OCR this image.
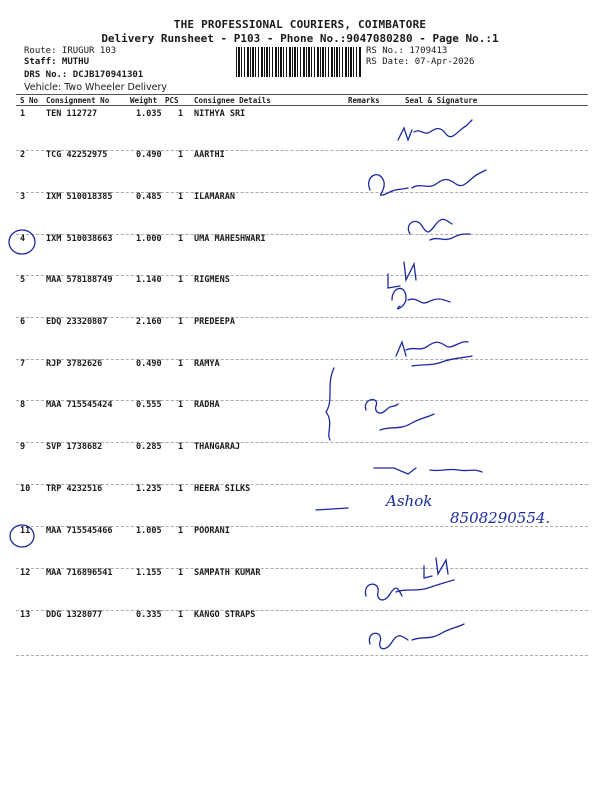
THE PROFESSIONAL COURIERS, COIMBATORE
Delivery Runsheet - P103 - Phone No.:9047080280 - Page No.:1
Route: IRUGUR 103
Staff: MUTHU
DRS No.: DCJB170941301
RS No.: 1709413
RS Date: 07-Apr-2026
Vehicle: Two Wheeler Delivery
S No Consignment No	Weight PCS Consignee Details	Remarks	Seal & Signature
1 TEN 112727	1.035 1 NITHYA SRI
2 TCG 42252975	0.490 1 AARTHI
3 IXM 510018385	0.485 1 ILAMARAN
4 IXM 510038663	1.000 1 UMA MAHESHWARI
5 MAA 578188749	1.140 1 RIGMENS
6 EDQ 23320807	2.160 1 PREDEEPA
7 RJP 3782626	0.490 1 RAMYA
8 MAA 715545424	0.555 1 RADHA
9 SVP 1738682	0.285 1 THANGARAJ
10 TRP 4232516	1.235 1 HEERA SILKS
11 MAA 715545466	1.005 1 POORANI
12 MAA 716896541	1.155 1 SAMPATH KUMAR
13 DDG 1328077	0.335 1 KANGO STRAPS
Ashok
8508290554.
